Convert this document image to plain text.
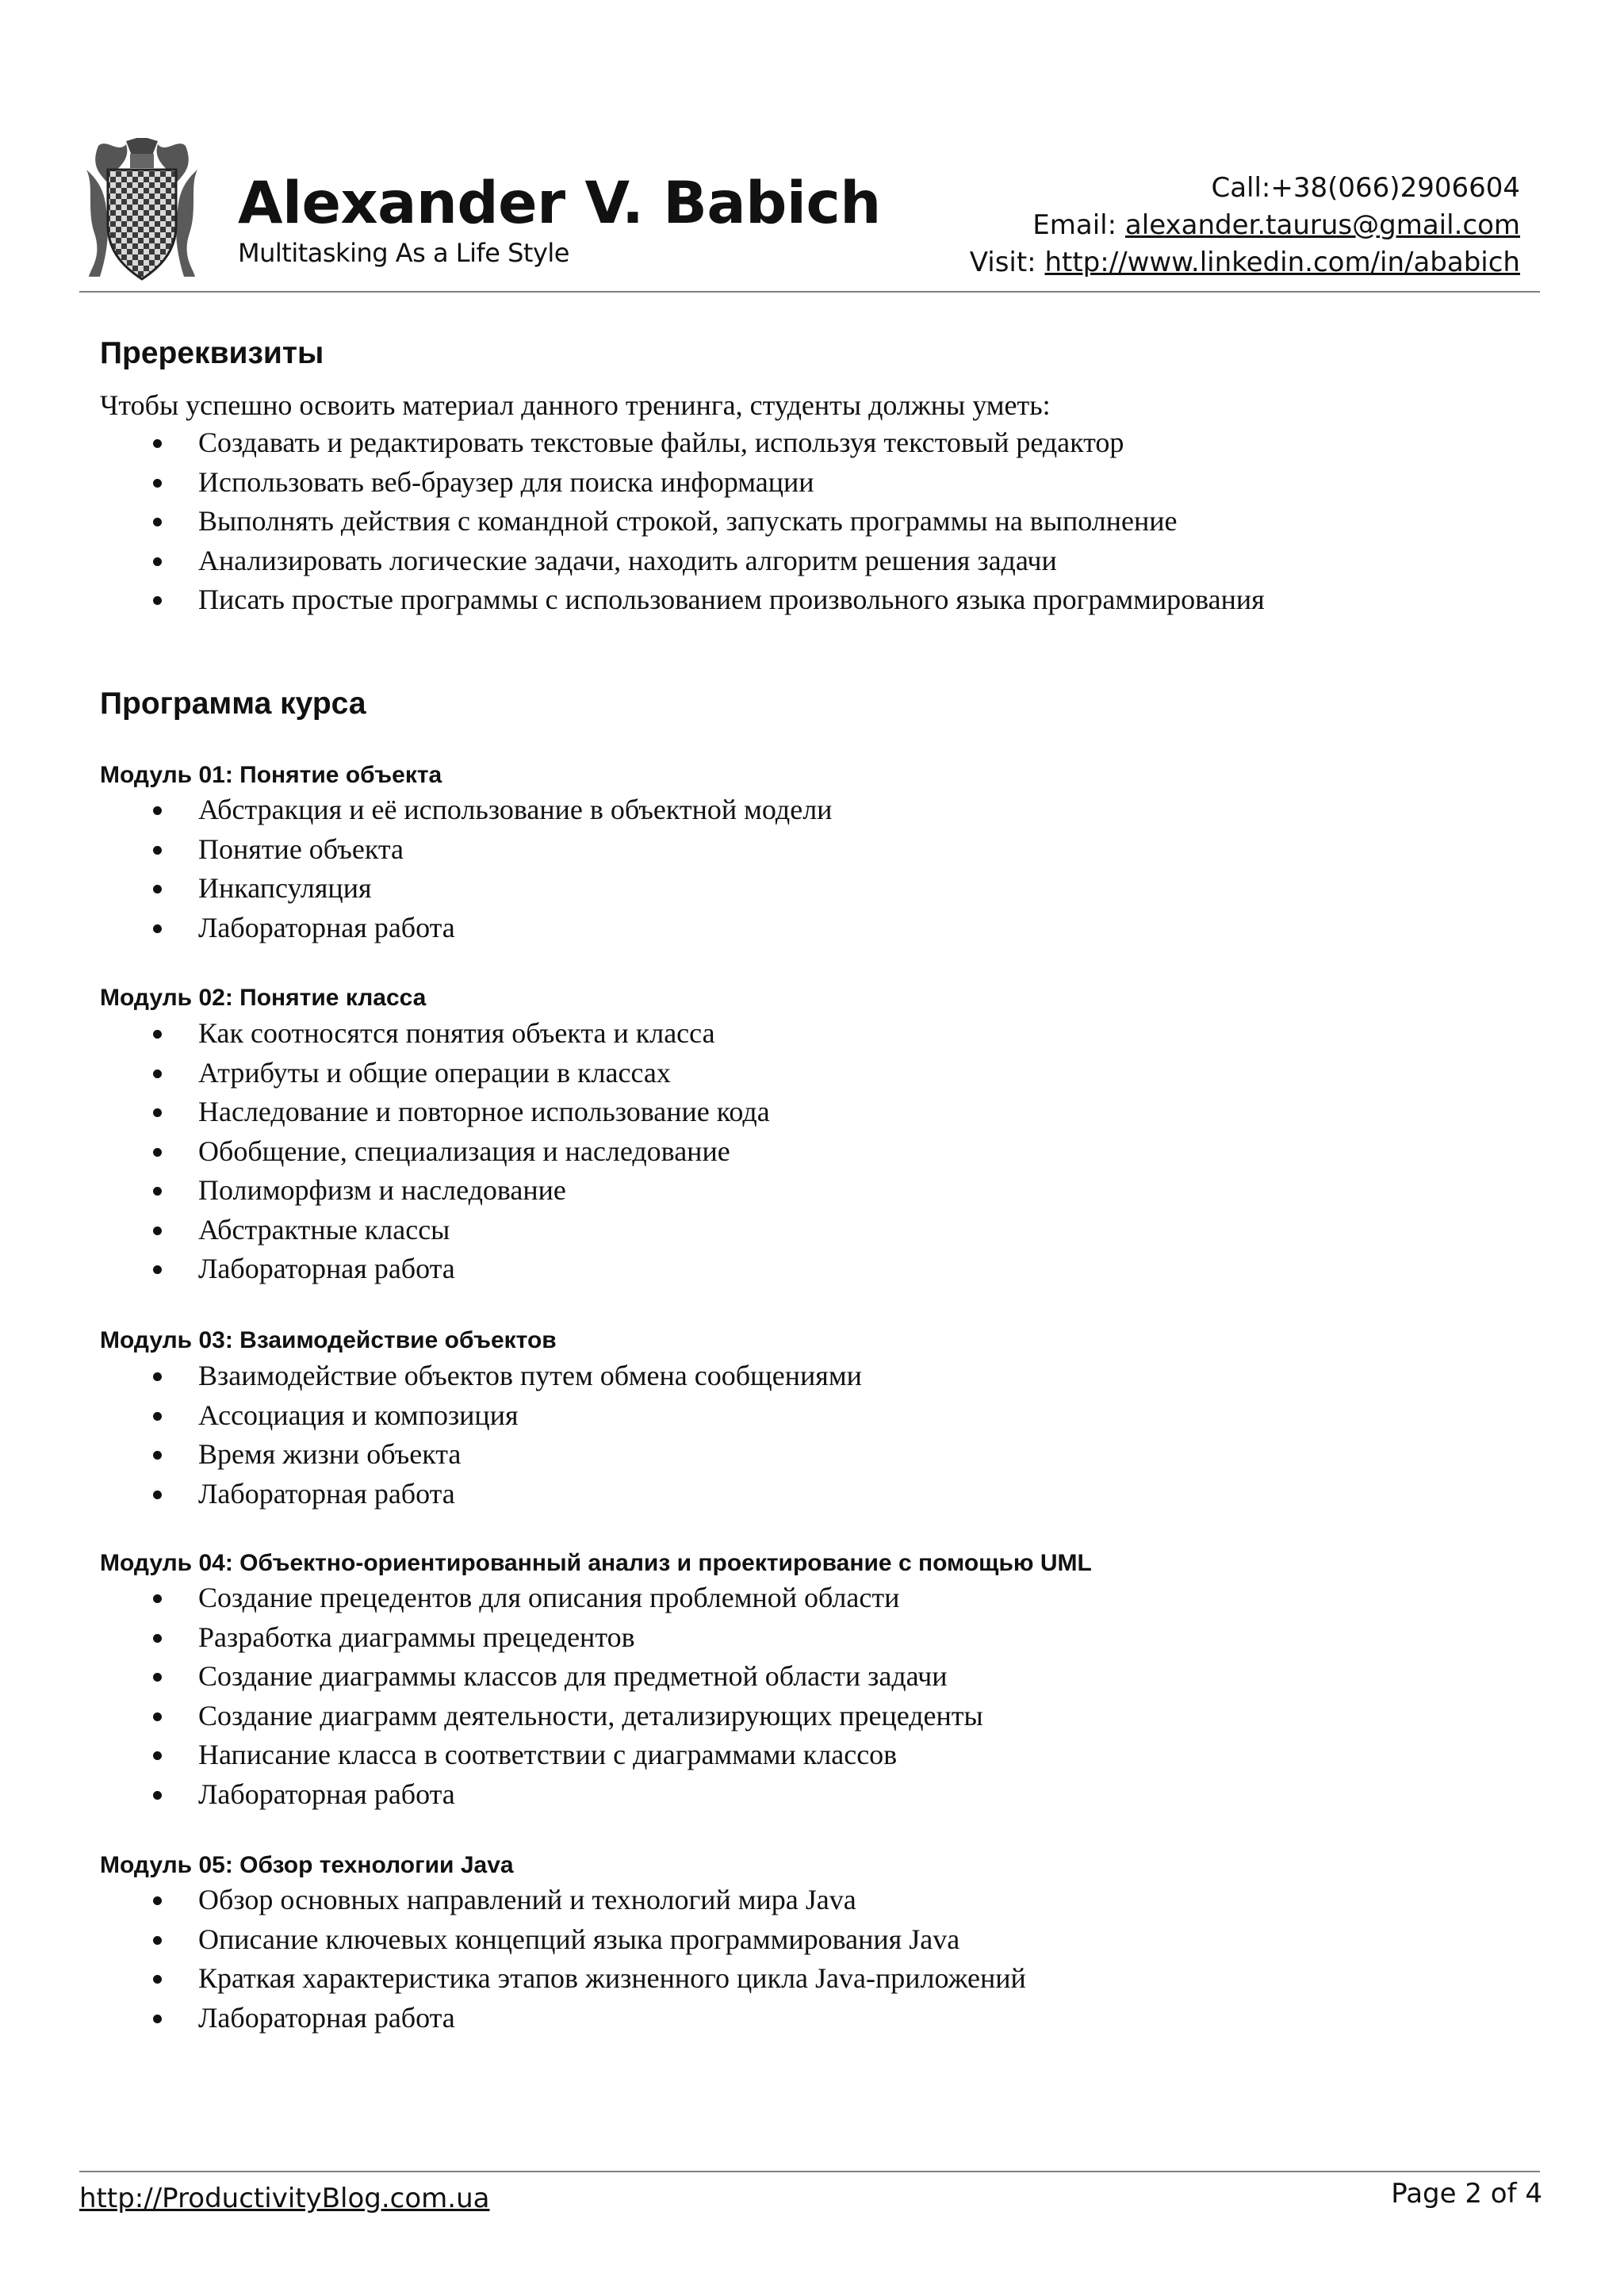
Alexander V. Babich
Multitasking As a Life Style
Call:+38(066)2906604
Email: alexander.taurus@gmail.com
Visit: http://www.linkedin.com/in/ababich
Пререквизиты
Чтобы успешно освоить материал данного тренинга, студенты должны уметь:
Создавать и редактировать текстовые файлы, используя текстовый редактор
Использовать веб-браузер для поиска информации
Выполнять действия с командной строкой, запускать программы на выполнение
Анализировать логические задачи, находить алгоритм решения задачи
Писать простые программы с использованием произвольного языка программирования
Программа курса
Модуль 01: Понятие объекта
Абстракция и её использование в объектной модели
Понятие объекта
Инкапсуляция
Лабораторная работа
Модуль 02: Понятие класса
Как соотносятся понятия объекта и класса
Атрибуты и общие операции в классах
Наследование и повторное использование кода
Обобщение, специализация и наследование
Полиморфизм и наследование
Абстрактные классы
Лабораторная работа
Модуль 03: Взаимодействие объектов
Взаимодействие объектов путем обмена сообщениями
Ассоциация и композиция
Время жизни объекта
Лабораторная работа
Модуль 04: Объектно-ориентированный анализ и проектирование с помощью UML
Создание прецедентов для описания проблемной области
Разработка диаграммы прецедентов
Создание диаграммы классов для предметной области задачи
Создание диаграмм деятельности, детализирующих прецеденты
Написание класса в соответствии с диаграммами классов
Лабораторная работа
Модуль 05: Обзор технологии Java
Обзор основных направлений и технологий мира Java
Описание ключевых концепций языка программирования Java
Краткая характеристика этапов жизненного цикла Java-приложений
Лабораторная работа
http://ProductivityBlog.com.ua	Page 2 of 4
